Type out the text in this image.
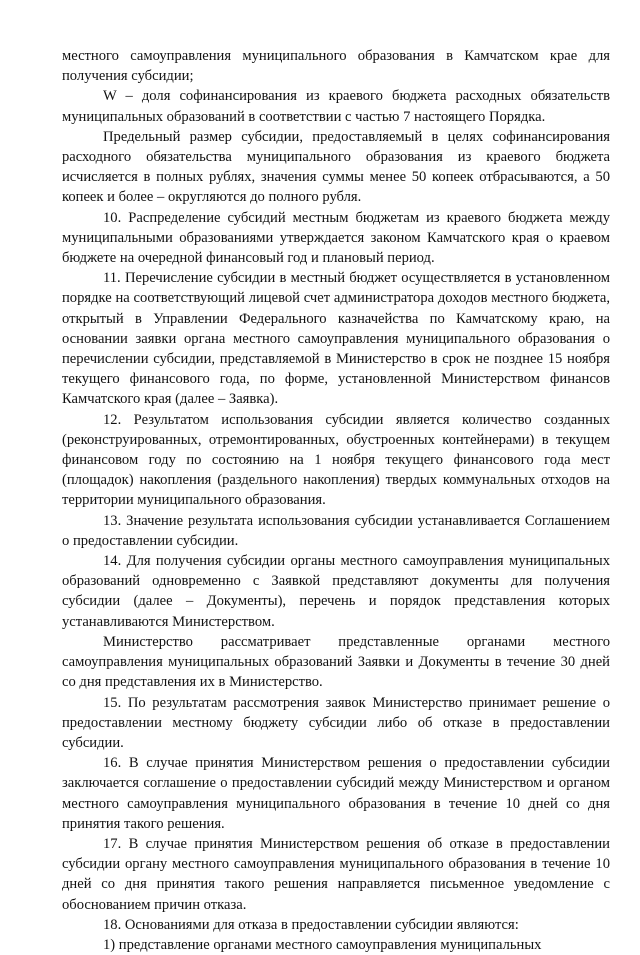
местного самоуправления муниципального образования в Камчатском крае для получения субсидии;

W – доля софинансирования из краевого бюджета расходных обязательств муниципальных образований в соответствии с частью 7 настоящего Порядка.

Предельный размер субсидии, предоставляемый в целях софинансирования расходного обязательства муниципального образования из краевого бюджета исчисляется в полных рублях, значения суммы менее 50 копеек отбрасываются, а 50 копеек и более – округляются до полного рубля.

10. Распределение субсидий местным бюджетам из краевого бюджета между муниципальными образованиями утверждается законом Камчатского края о краевом бюджете на очередной финансовый год и плановый период.

11. Перечисление субсидии в местный бюджет осуществляется в установленном порядке на соответствующий лицевой счет администратора доходов местного бюджета, открытый в Управлении Федерального казначейства по Камчатскому краю, на основании заявки органа местного самоуправления муниципального образования о перечислении субсидии, представляемой в Министерство в срок не позднее 15 ноября текущего финансового года, по форме, установленной Министерством финансов Камчатского края (далее – Заявка).

12. Результатом использования субсидии является количество созданных (реконструированных, отремонтированных, обустроенных контейнерами) в текущем финансовом году по состоянию на 1 ноября текущего финансового года мест (площадок) накопления (раздельного накопления) твердых коммунальных отходов на территории муниципального образования.

13. Значение результата использования субсидии устанавливается Соглашением о предоставлении субсидии.

14. Для получения субсидии органы местного самоуправления муниципальных образований одновременно с Заявкой представляют документы для получения субсидии (далее – Документы), перечень и порядок представления которых устанавливаются Министерством.

Министерство рассматривает представленные органами местного самоуправления муниципальных образований Заявки и Документы в течение 30 дней со дня представления их в Министерство.

15. По результатам рассмотрения заявок Министерство принимает решение о предоставлении местному бюджету субсидии либо об отказе в предоставлении субсидии.

16. В случае принятия Министерством решения о предоставлении субсидии заключается соглашение о предоставлении субсидий между Министерством и органом местного самоуправления муниципального образования в течение 10 дней со дня принятия такого решения.

17. В случае принятия Министерством решения об отказе в предоставлении субсидии органу местного самоуправления муниципального образования в течение 10 дней со дня принятия такого решения направляется письменное уведомление с обоснованием причин отказа.

18. Основаниями для отказа в предоставлении субсидии являются:

1) представление органами местного самоуправления муниципальных
